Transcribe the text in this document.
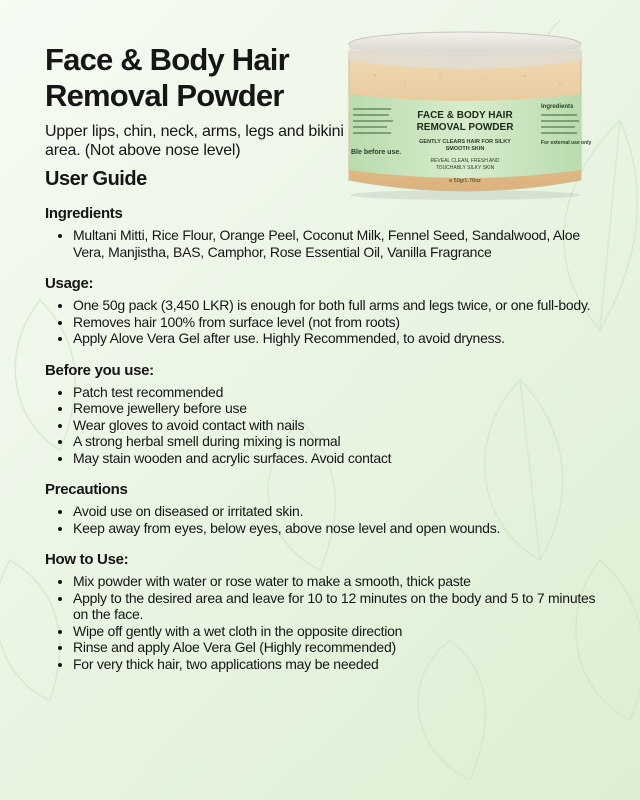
Face & Body Hair Removal Powder

Upper lips, chin, neck, arms, legs and bikini area. (Not above nose level)

User Guide
Ble before use.
Ingredients
For external use only
FACE & BODY HAIR
REMOVAL POWDER
GENTLY CLEARS HAIR FOR SILKY
SMOOTH SKIN
REVEAL CLEAN, FRESH AND
TOUCHABLY SILKY SKIN
e 50g/1.76oz
Ingredients
• Multani Mitti, Rice Flour, Orange Peel, Coconut Milk, Fennel Seed, Sandalwood, Aloe Vera, Manjistha, BAS, Camphor, Rose Essential Oil, Vanilla Fragrance
Usage:
• One 50g pack (3,450 LKR) is enough for both full arms and legs twice, or one full-body.
• Removes hair 100% from surface level (not from roots)
• Apply Alove Vera Gel after use. Highly Recommended, to avoid dryness.
Before you use:
• Patch test recommended
• Remove jewellery before use
• Wear gloves to avoid contact with nails
• A strong herbal smell during mixing is normal
• May stain wooden and acrylic surfaces. Avoid contact
Precautions
• Avoid use on diseased or irritated skin.
• Keep away from eyes, below eyes, above nose level and open wounds.
How to Use:
• Mix powder with water or rose water to make a smooth, thick paste
• Apply to the desired area and leave for 10 to 12 minutes on the body and 5 to 7 minutes on the face.
• Wipe off gently with a wet cloth in the opposite direction
• Rinse and apply Aloe Vera Gel (Highly recommended)
• For very thick hair, two applications may be needed
